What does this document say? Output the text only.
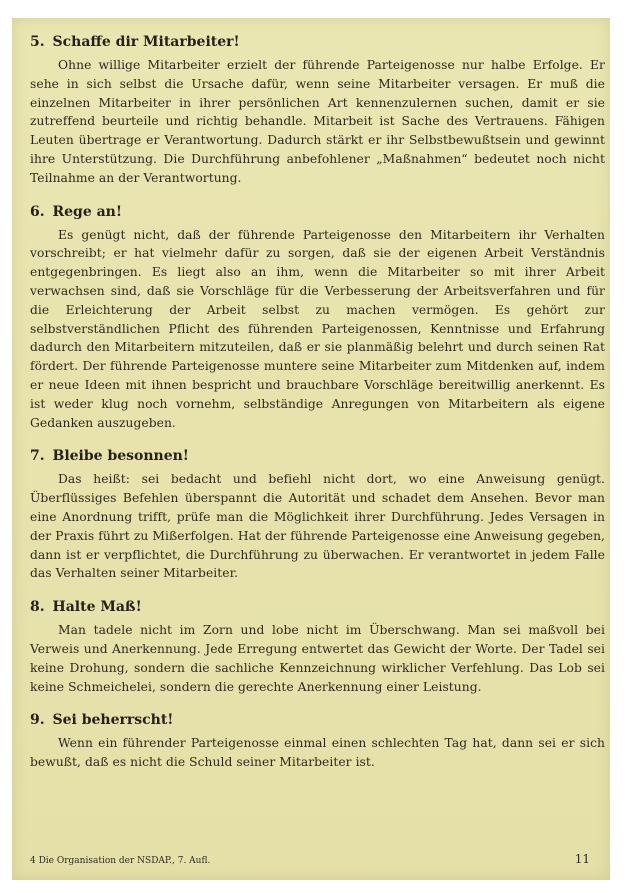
5. Schaffe dir Mitarbeiter!

Ohne willige Mitarbeiter erzielt der führende Parteigenosse nur halbe Erfolge. Er sehe in sich selbst die Ursache dafür, wenn seine Mitarbeiter versagen. Er muß die einzelnen Mitarbeiter in ihrer persönlichen Art kennenzulernen suchen, damit er sie zutreffend beurteile und richtig behandle. Mitarbeit ist Sache des Vertrauens. Fähigen Leuten übertrage er Verantwortung. Dadurch stärkt er ihr Selbstbewußtsein und gewinnt ihre Unterstützung. Die Durchführung anbefohlener „Maßnahmen“ bedeutet noch nicht Teilnahme an der Verantwortung.

6. Rege an!

Es genügt nicht, daß der führende Parteigenosse den Mitarbeitern ihr Verhalten vorschreibt; er hat vielmehr dafür zu sorgen, daß sie der eigenen Arbeit Verständnis entgegenbringen. Es liegt also an ihm, wenn die Mitarbeiter so mit ihrer Arbeit verwachsen sind, daß sie Vorschläge für die Verbesserung der Arbeitsverfahren und für die Erleichterung der Arbeit selbst zu machen vermögen. Es gehört zur selbstverständlichen Pflicht des führenden Parteigenossen, Kenntnisse und Erfahrung dadurch den Mitarbeitern mitzuteilen, daß er sie planmäßig belehrt und durch seinen Rat fördert. Der führende Parteigenosse muntere seine Mitarbeiter zum Mitdenken auf, indem er neue Ideen mit ihnen bespricht und brauchbare Vorschläge bereitwillig anerkennt. Es ist weder klug noch vornehm, selbständige Anregungen von Mitarbeitern als eigene Gedanken auszugeben.

7. Bleibe besonnen!

Das heißt: sei bedacht und befiehl nicht dort, wo eine Anweisung genügt. Überflüssiges Befehlen überspannt die Autorität und schadet dem Ansehen. Bevor man eine Anordnung trifft, prüfe man die Möglichkeit ihrer Durchführung. Jedes Versagen in der Praxis führt zu Mißerfolgen. Hat der führende Parteigenosse eine Anweisung gegeben, dann ist er verpflichtet, die Durchführung zu überwachen. Er verantwortet in jedem Falle das Verhalten seiner Mitarbeiter.

8. Halte Maß!

Man tadele nicht im Zorn und lobe nicht im Überschwang. Man sei maßvoll bei Verweis und Anerkennung. Jede Erregung entwertet das Gewicht der Worte. Der Tadel sei keine Drohung, sondern die sachliche Kennzeichnung wirklicher Verfehlung. Das Lob sei keine Schmeichelei, sondern die gerechte Anerkennung einer Leistung.

9. Sei beherrscht!

Wenn ein führender Parteigenosse einmal einen schlechten Tag hat, dann sei er sich bewußt, daß es nicht die Schuld seiner Mitarbeiter ist.

4 Die Organisation der NSDAP., 7. Aufl.	11
